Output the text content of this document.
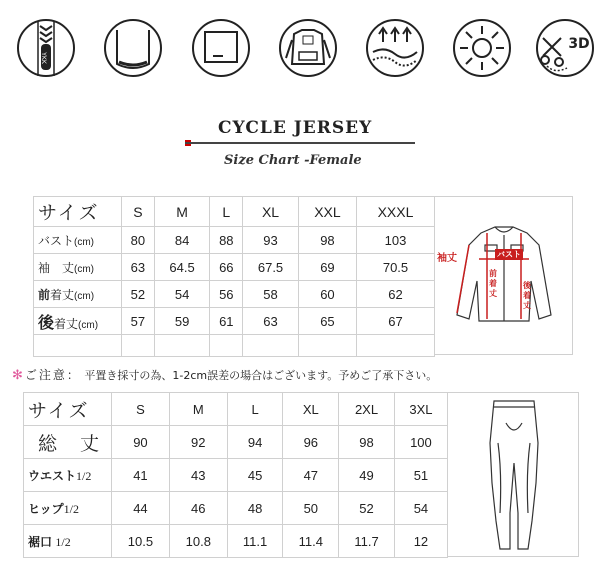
YKK
3D
CYCLE JERSEY
Size Chart -Female
サイズ	S	M	L	XL	XXL	XXXL
バスト(cm)	80	84	88	93	98	103
袖　丈(cm)	63	64.5	66	67.5	69	70.5
前着丈(cm)	52	54	56	58	60	62
後着丈(cm)	57	59	61	63	65	67

袖丈	バスト
前着丈
後着丈
✻ ご注意： 平置き採寸の為、1-2cm誤差の場合はございます。予めご了承下さい。
サイズ	S	M	L	XL	2XL	3XL
総　丈	90	92	94	96	98	100
ウエスト1/2	41	43	45	47	49	51
ヒップ1/2	44	46	48	50	52	54
裾口 1/2	10.5	10.8	11.1	11.4	11.7	12
